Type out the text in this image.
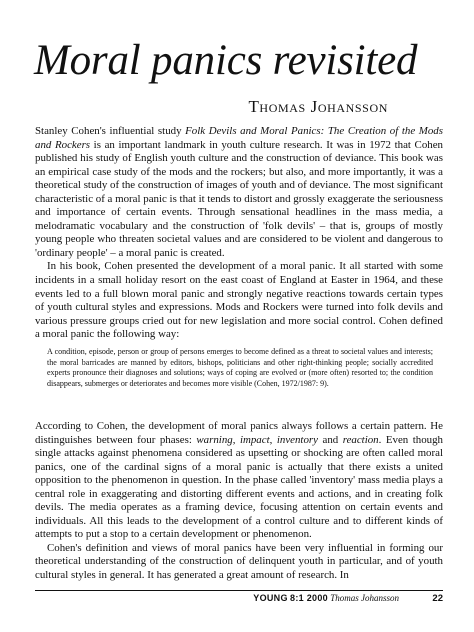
Moral panics revisited
Thomas Johansson

Stanley Cohen's influential study Folk Devils and Moral Panics: The Creation of the Mods and Rockers is an important landmark in youth culture research. It was in 1972 that Cohen published his study of English youth culture and the construction of deviance. This book was an empirical case study of the mods and the rockers; but also, and more importantly, it was a theoretical study of the construction of images of youth and of deviance. The most significant characteristic of a moral panic is that it tends to distort and grossly exaggerate the seriousness and importance of certain events. Through sensational headlines in the mass media, a melodramatic vocabulary and the construction of 'folk devils' – that is, groups of mostly young people who threaten societal values and are considered to be violent and dangerous to 'ordinary people' – a moral panic is created.

In his book, Cohen presented the development of a moral panic. It all started with some incidents in a small holiday resort on the east coast of England at Easter in 1964, and these events led to a full blown moral panic and strongly negative reactions towards certain types of youth cultural styles and expressions. Mods and Rockers were turned into folk devils and various pressure groups cried out for new legislation and more social control. Cohen defined a moral panic the following way:

A condition, episode, person or group of persons emerges to become defined as a threat to societal values and interests; the moral barricades are manned by editors, bishops, politicians and other right-thinking people; socially accredited experts pronounce their diagnoses and solutions; ways of coping are evolved or (more often) resorted to; the condition disappears, submerges or deteriorates and becomes more visible (Cohen, 1972/1987: 9).

According to Cohen, the development of moral panics always follows a certain pattern. He distinguishes between four phases: warning, impact, inventory and reaction. Even though single attacks against phenomena considered as upsetting or shocking are often called moral panics, one of the cardinal signs of a moral panic is actually that there exists a united opposition to the phenomenon in question. In the phase called 'inventory' mass media plays a central role in exaggerating and distorting different events and actions, and in creating folk devils. The media operates as a framing device, focusing attention on certain events and individuals. All this leads to the development of a control culture and to different kinds of attempts to put a stop to a certain development or phenomenon.

Cohen's definition and views of moral panics have been very influential in forming our theoretical understanding of the construction of delinquent youth in particular, and of youth cultural styles in general. It has generated a great amount of research. In

YOUNG 8:1 2000 Thomas Johansson	22
